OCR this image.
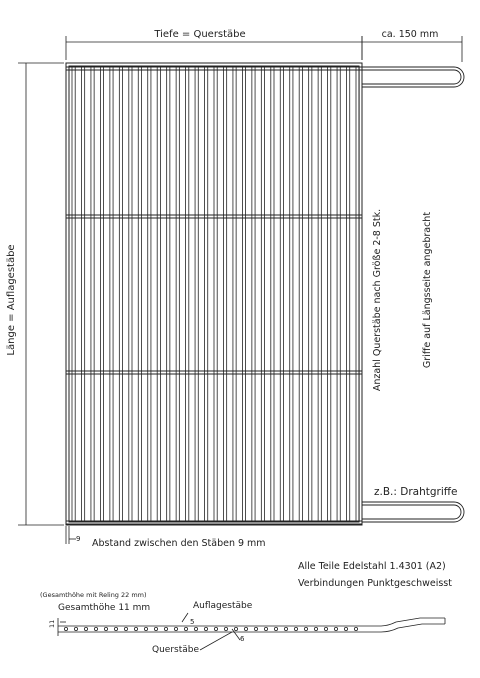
Tiefe = Querstäbe	ca. 150 mm
Länge = Auflagestäbe	Anzahl Querstäbe nach Größe 2-8 Stk.	Griffe auf Längsseite angebracht
z.B.: Drahtgriffe
9 Abstand zwischen den Stäben 9 mm
Alle Teile Edelstahl 1.4301 (A2)
Verbindungen Punktgeschweisst
(Gesamthöhe mit Reling 22 mm)
Gesamthöhe 11 mm	Auflagestäbe
5
Querstäbe
6
11
